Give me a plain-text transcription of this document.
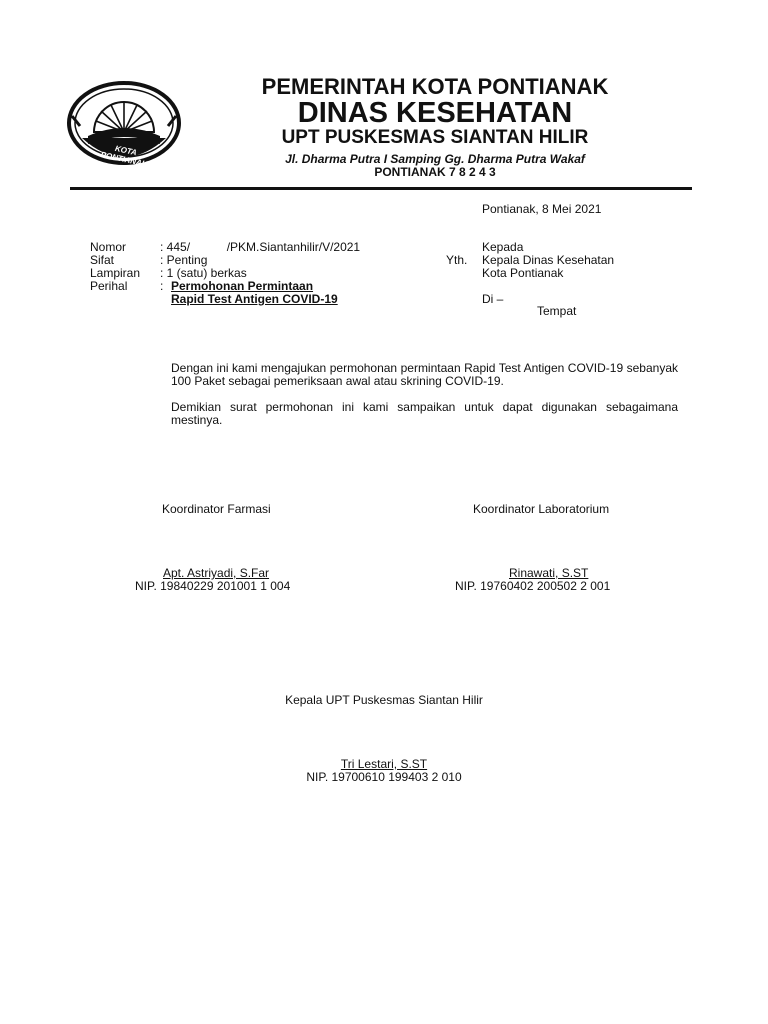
KOTA PONTIANAK
PEMERINTAH KOTA PONTIANAK
DINAS KESEHATAN
UPT PUSKESMAS SIANTAN HILIR
Jl. Dharma Putra I Samping Gg. Dharma Putra Wakaf
PONTIANAK 7 8 2 4 3
Pontianak, 8 Mei 2021
Nomor	: 445/           /PKM.Siantanhilir/V/2021
Sifat	: Penting
Lampiran : 1 (satu) berkas
Perihal	: Permohonan Permintaan
Rapid Test Antigen COVID-19
Kepada
Yth. Kepala Dinas Kesehatan
Kota Pontianak
Di –
Tempat
Dengan ini kami mengajukan permohonan permintaan Rapid Test Antigen COVID-19 sebanyak 100 Paket sebagai pemeriksaan awal atau skrining COVID-19.
Demikian surat permohonan ini kami sampaikan untuk dapat digunakan sebagaimana mestinya.
Koordinator Farmasi
Apt. Astriyadi, S.Far
NIP. 19840229 201001 1 004
Koordinator Laboratorium
Rinawati, S.ST
NIP. 19760402 200502 2 001
Kepala UPT Puskesmas Siantan Hilir
Tri Lestari, S.ST
NIP. 19700610 199403 2 010
